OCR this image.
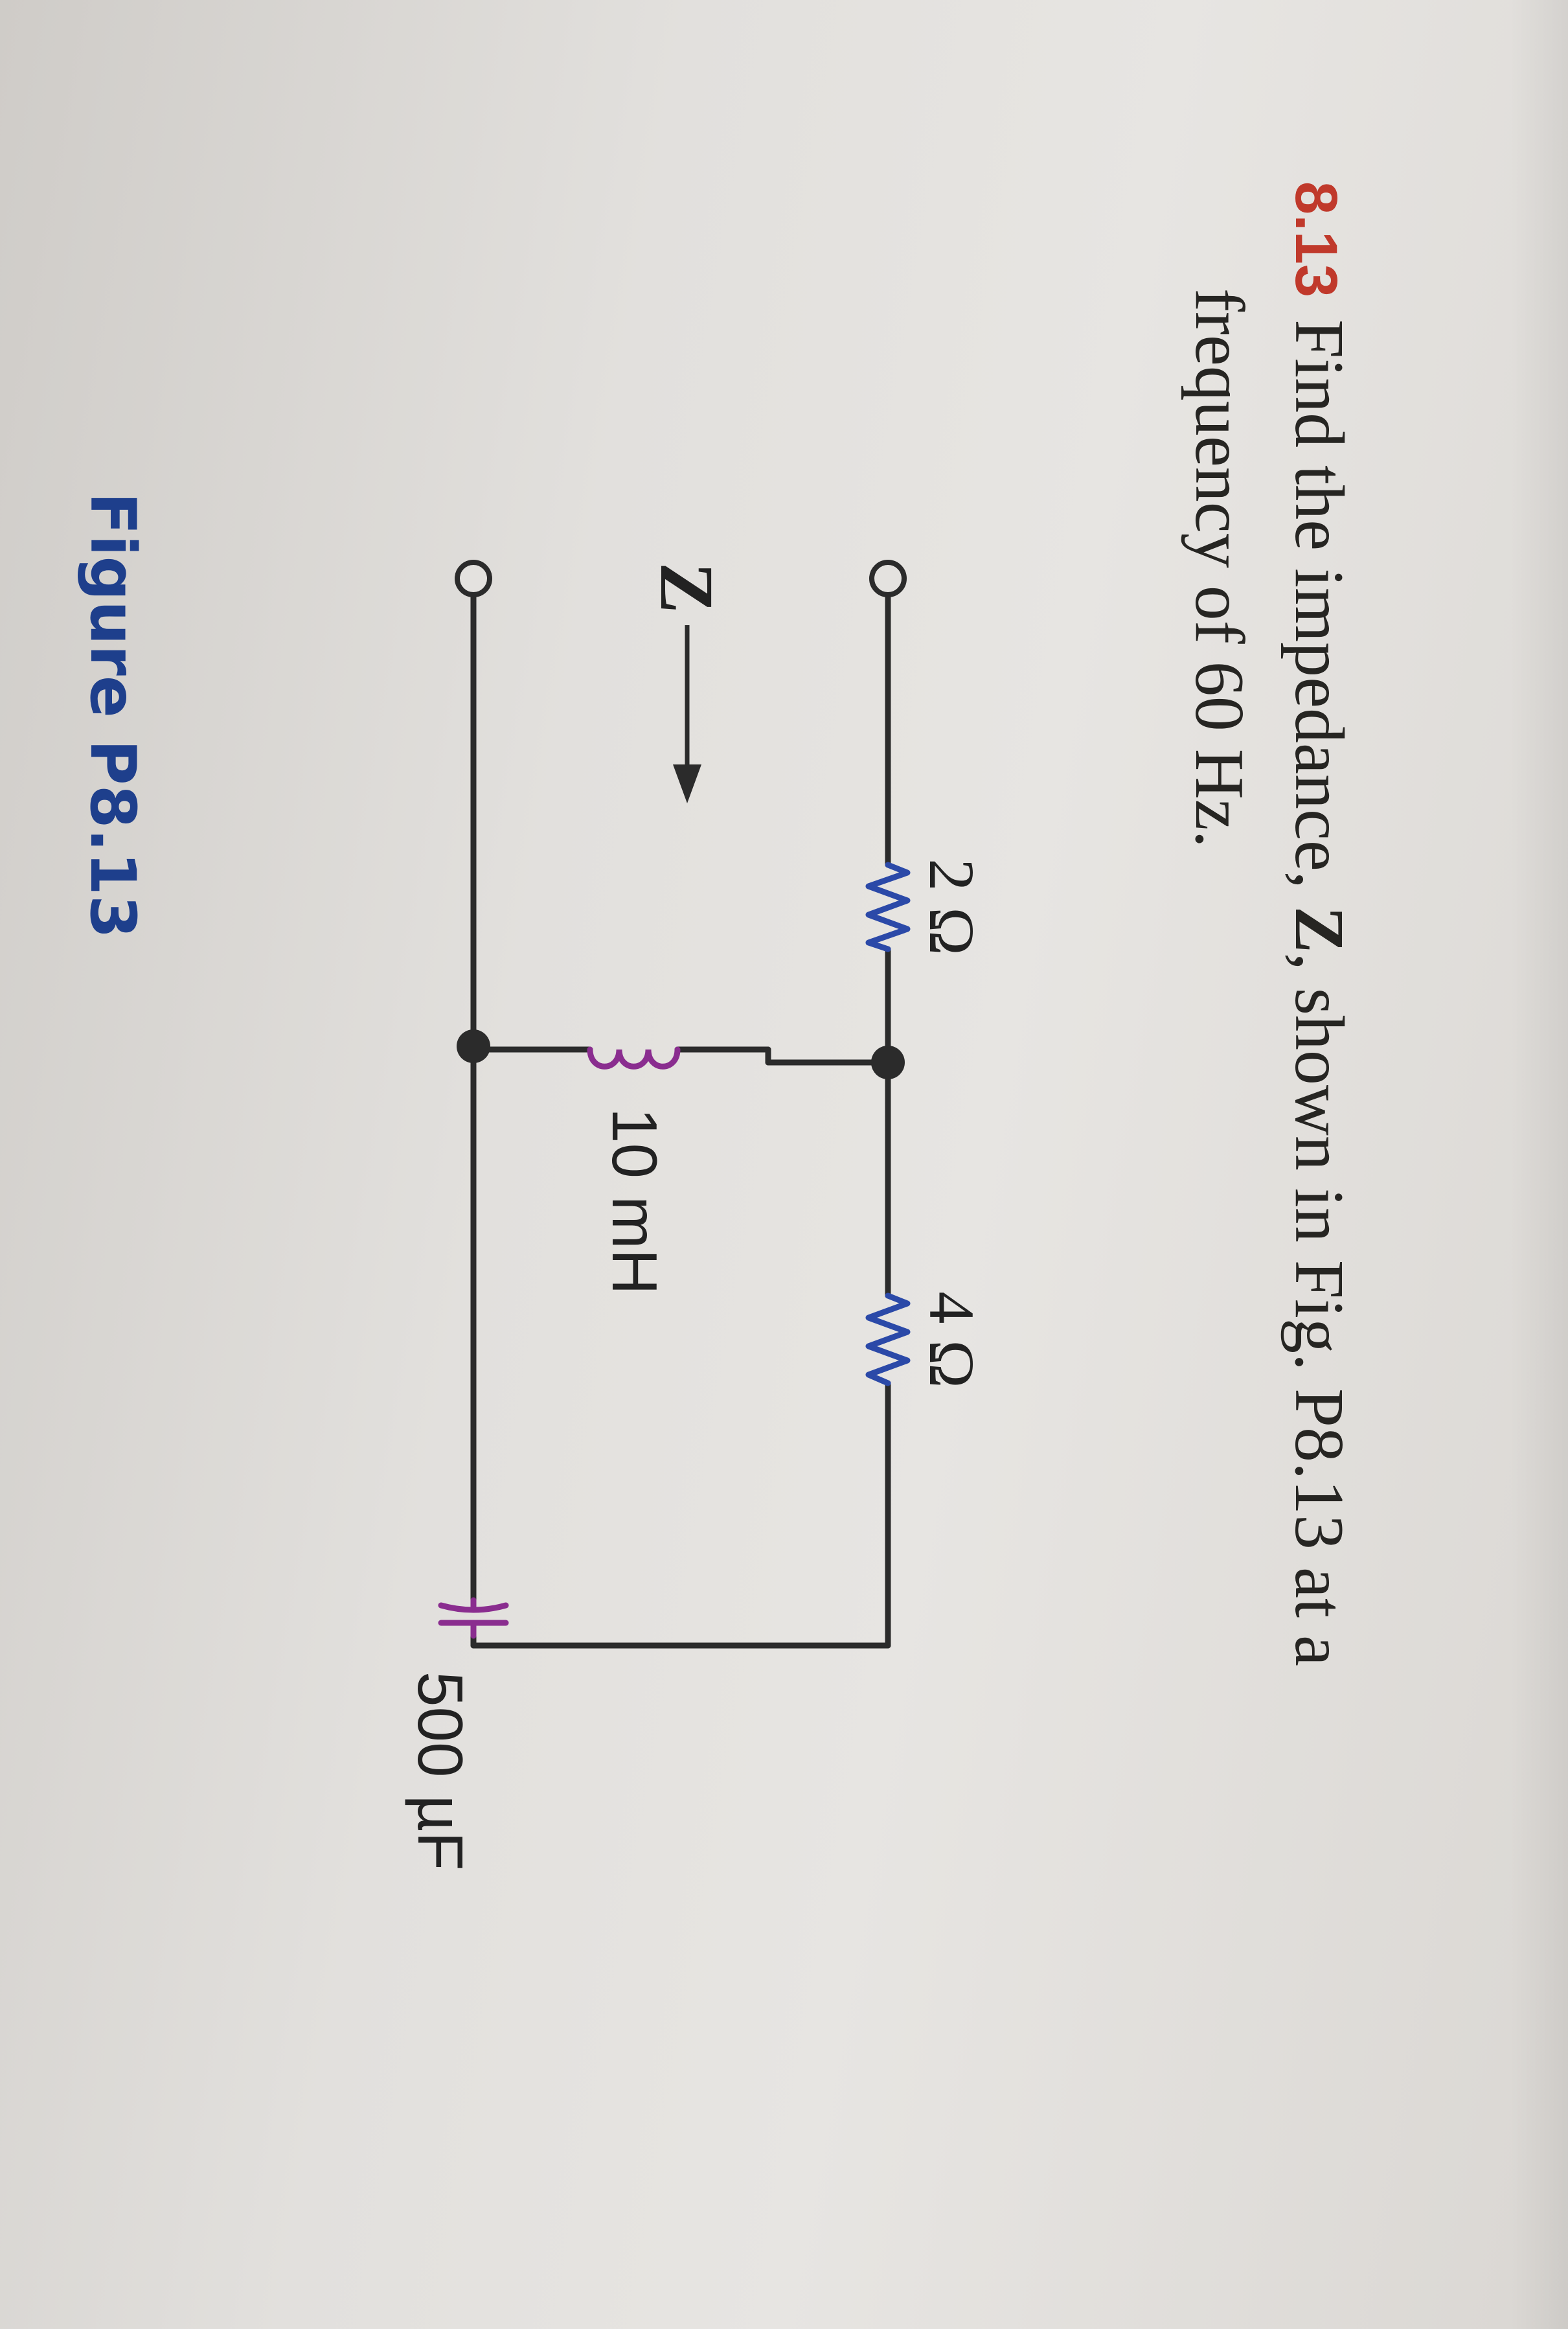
8.13Find the impedance, Z, shown in Fig. P8.13 at a
frequency of 60 Hz.
2 Ω
4 Ω
10 mH
500 µF
Z
Figure P8.13
